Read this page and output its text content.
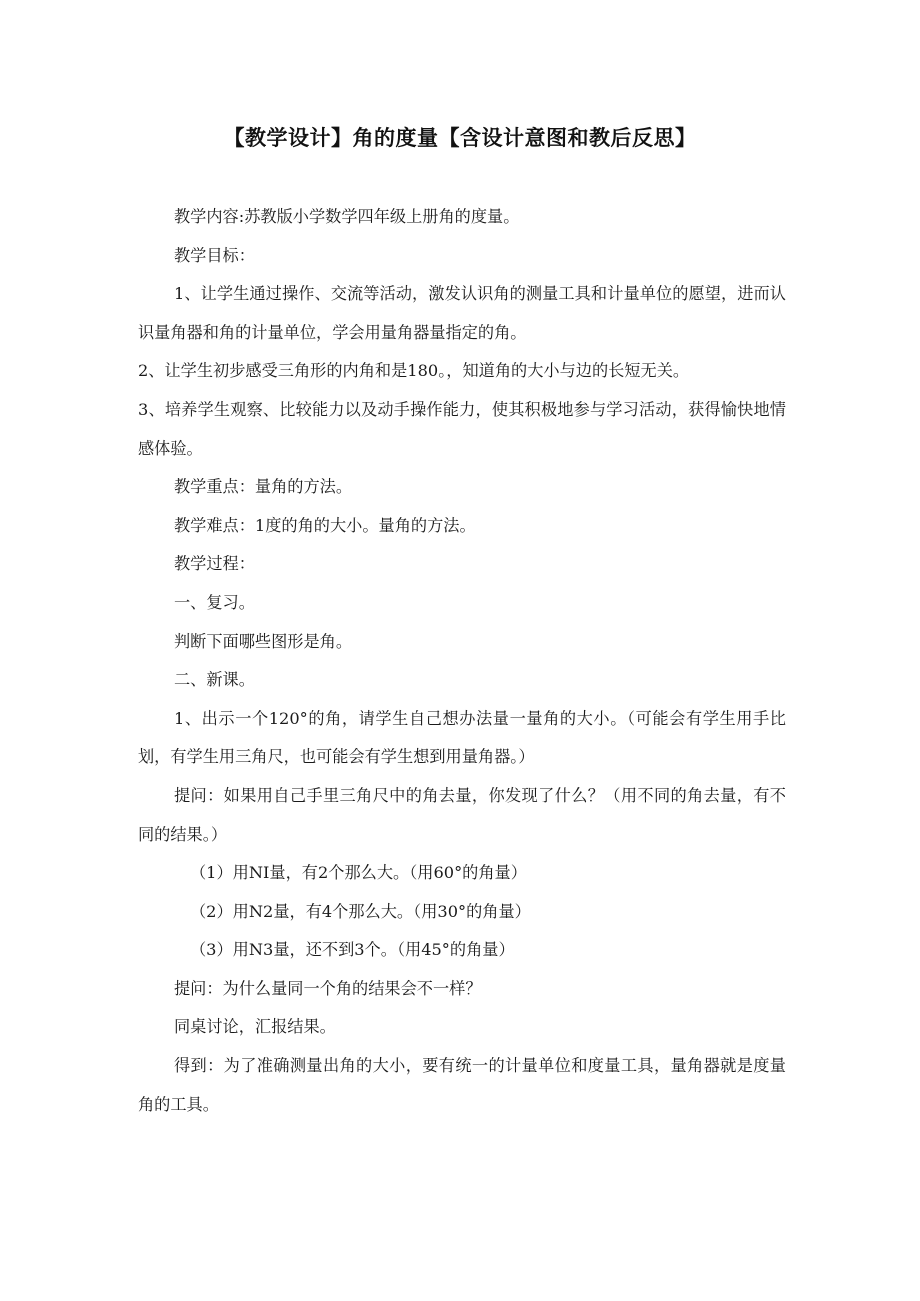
【教学设计】角的度量【含设计意图和教后反思】

教学内容:苏教版小学数学四年级上册角的度量。

教学目标：

1、让学生通过操作、交流等活动，激发认识角的测量工具和计量单位的愿望，进而认识量角器和角的计量单位，学会用量角器量指定的角。

2、让学生初步感受三角形的内角和是180。，知道角的大小与边的长短无关。

3、培养学生观察、比较能力以及动手操作能力，使其积极地参与学习活动，获得愉快地情感体验。

教学重点：量角的方法。

教学难点：1度的角的大小。量角的方法。

教学过程：

一、复习。

判断下面哪些图形是角。

二、新课。

1、出示一个120°的角，请学生自己想办法量一量角的大小。（可能会有学生用手比划，有学生用三角尺，也可能会有学生想到用量角器。）

提问：如果用自己手里三角尺中的角去量，你发现了什么？（用不同的角去量，有不同的结果。）

（1）用NI量，有2个那么大。（用60°的角量）

（2）用N2量，有4个那么大。（用30°的角量）

（3）用N3量，还不到3个。（用45°的角量）

提问：为什么量同一个角的结果会不一样？

同桌讨论，汇报结果。

得到：为了准确测量出角的大小，要有统一的计量单位和度量工具，量角器就是度量角的工具。
